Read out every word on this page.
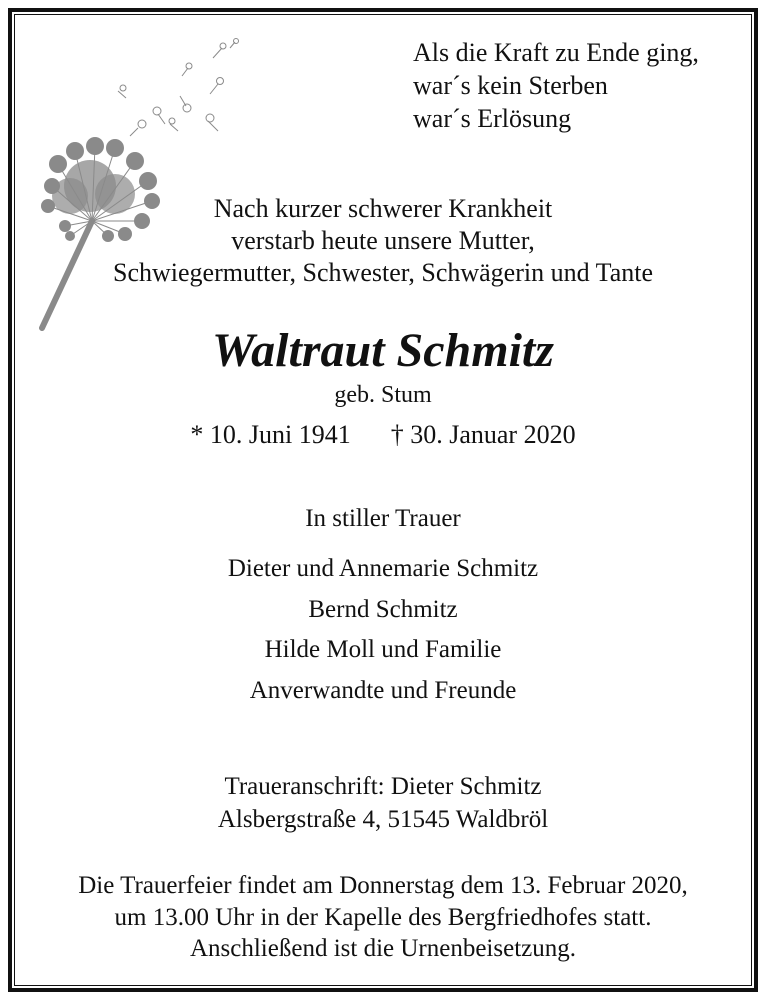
Als die Kraft zu Ende ging,
war´s kein Sterben
war´s Erlösung
Nach kurzer schwerer Krankheit
verstarb heute unsere Mutter,
Schwiegermutter, Schwester, Schwägerin und Tante
Waltraut Schmitz
geb. Stum
* 10. Juni 1941 † 30. Januar 2020
In stiller Trauer
Dieter und Annemarie Schmitz
Bernd Schmitz
Hilde Moll und Familie
Anverwandte und Freunde
Traueranschrift: Dieter Schmitz
Alsbergstraße 4, 51545 Waldbröl
Die Trauerfeier findet am Donnerstag dem 13. Februar 2020,
um 13.00 Uhr in der Kapelle des Bergfriedhofes statt.
Anschließend ist die Urnenbeisetzung.
